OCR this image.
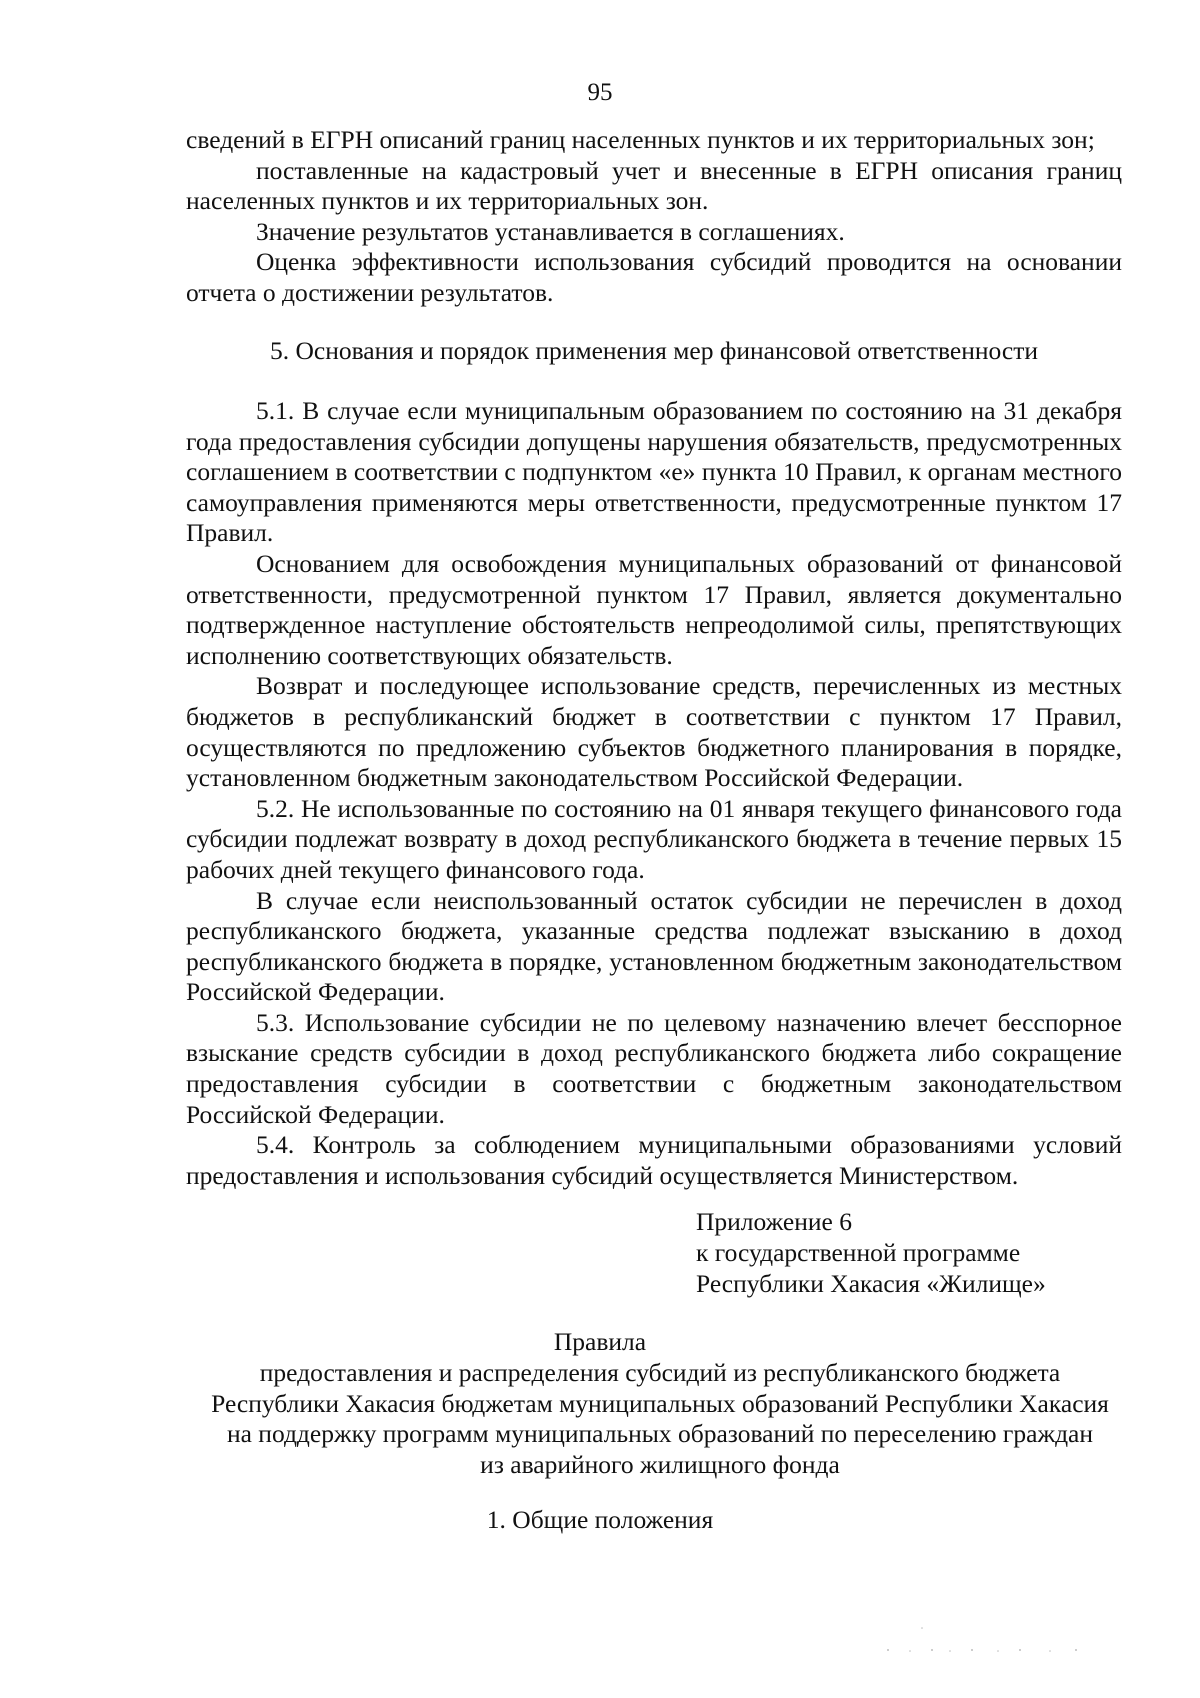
95

сведений в ЕГРН описаний границ населенных пунктов и их территориальных зон;

поставленные на кадастровый учет и внесенные в ЕГРН описания границ населенных пунктов и их территориальных зон.

Значение результатов устанавливается в соглашениях.

Оценка эффективности использования субсидий проводится на основании отчета о достижении результатов.

5. Основания и порядок применения мер финансовой ответственности

5.1. В случае если муниципальным образованием по состоянию на 31 декабря года предоставления субсидии допущены нарушения обязательств, предусмотренных соглашением в соответствии с подпунктом «е» пункта 10 Правил, к органам местного самоуправления применяются меры ответственности, предусмотренные пунктом 17 Правил.

Основанием для освобождения муниципальных образований от финансовой ответственности, предусмотренной пунктом 17 Правил, является документально подтвержденное наступление обстоятельств непреодолимой силы, препятствующих исполнению соответствующих обязательств.

Возврат и последующее использование средств, перечисленных из местных бюджетов в республиканский бюджет в соответствии с пунктом 17 Правил, осуществляются по предложению субъектов бюджетного планирования в порядке, установленном бюджетным законодательством Российской Федерации.

5.2. Не использованные по состоянию на 01 января текущего финансового года субсидии подлежат возврату в доход республиканского бюджета в течение первых 15 рабочих дней текущего финансового года.

В случае если неиспользованный остаток субсидии не перечислен в доход республиканского бюджета, указанные средства подлежат взысканию в доход республиканского бюджета в порядке, установленном бюджетным законодательством Российской Федерации.

5.3. Использование субсидии не по целевому назначению влечет бесспорное взыскание средств субсидии в доход республиканского бюджета либо сокращение предоставления субсидии в соответствии с бюджетным законодательством Российской Федерации.

5.4. Контроль за соблюдением муниципальными образованиями условий предоставления и использования субсидий осуществляется Министерством.

Приложение 6
к государственной программе
Республики Хакасия «Жилище»
Правила
предоставления и распределения субсидий из республиканского бюджета
Республики Хакасия бюджетам муниципальных образований Республики Хакасия
на поддержку программ муниципальных образований по переселению граждан
из аварийного жилищного фонда
1. Общие положения
